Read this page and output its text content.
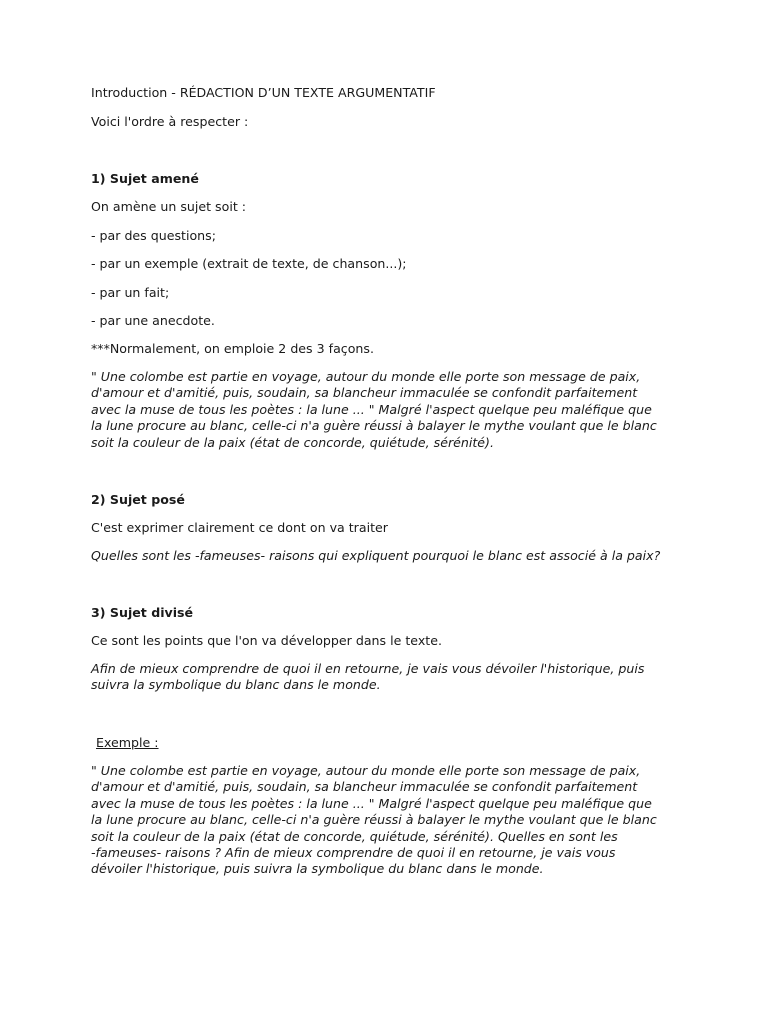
Introduction - RÉDACTION D’UN TEXTE ARGUMENTATIF

Voici l'ordre à respecter :

1) Sujet amené

On amène un sujet soit :

- par des questions;

- par un exemple (extrait de texte, de chanson...);

- par un fait;

- par une anecdote.

***Normalement, on emploie 2 des 3 façons.

" Une colombe est partie en voyage, autour du monde elle porte son message de paix,
d'amour et d'amitié, puis, soudain, sa blancheur immaculée se confondit parfaitement
avec la muse de tous les poètes : la lune ... " Malgré l'aspect quelque peu maléfique que
la lune procure au blanc, celle-ci n'a guère réussi à balayer le mythe voulant que le blanc
soit la couleur de la paix (état de concorde, quiétude, sérénité).

2) Sujet posé

C'est exprimer clairement ce dont on va traiter

Quelles sont les -fameuses- raisons qui expliquent pourquoi le blanc est associé à la paix?

3) Sujet divisé

Ce sont les points que l'on va développer dans le texte.

Afin de mieux comprendre de quoi il en retourne, je vais vous dévoiler l'historique, puis
suivra la symbolique du blanc dans le monde.

Exemple :

" Une colombe est partie en voyage, autour du monde elle porte son message de paix,
d'amour et d'amitié, puis, soudain, sa blancheur immaculée se confondit parfaitement
avec la muse de tous les poètes : la lune ... " Malgré l'aspect quelque peu maléfique que
la lune procure au blanc, celle-ci n'a guère réussi à balayer le mythe voulant que le blanc
soit la couleur de la paix (état de concorde, quiétude, sérénité). Quelles en sont les
-fameuses- raisons ? Afin de mieux comprendre de quoi il en retourne, je vais vous
dévoiler l'historique, puis suivra la symbolique du blanc dans le monde.
